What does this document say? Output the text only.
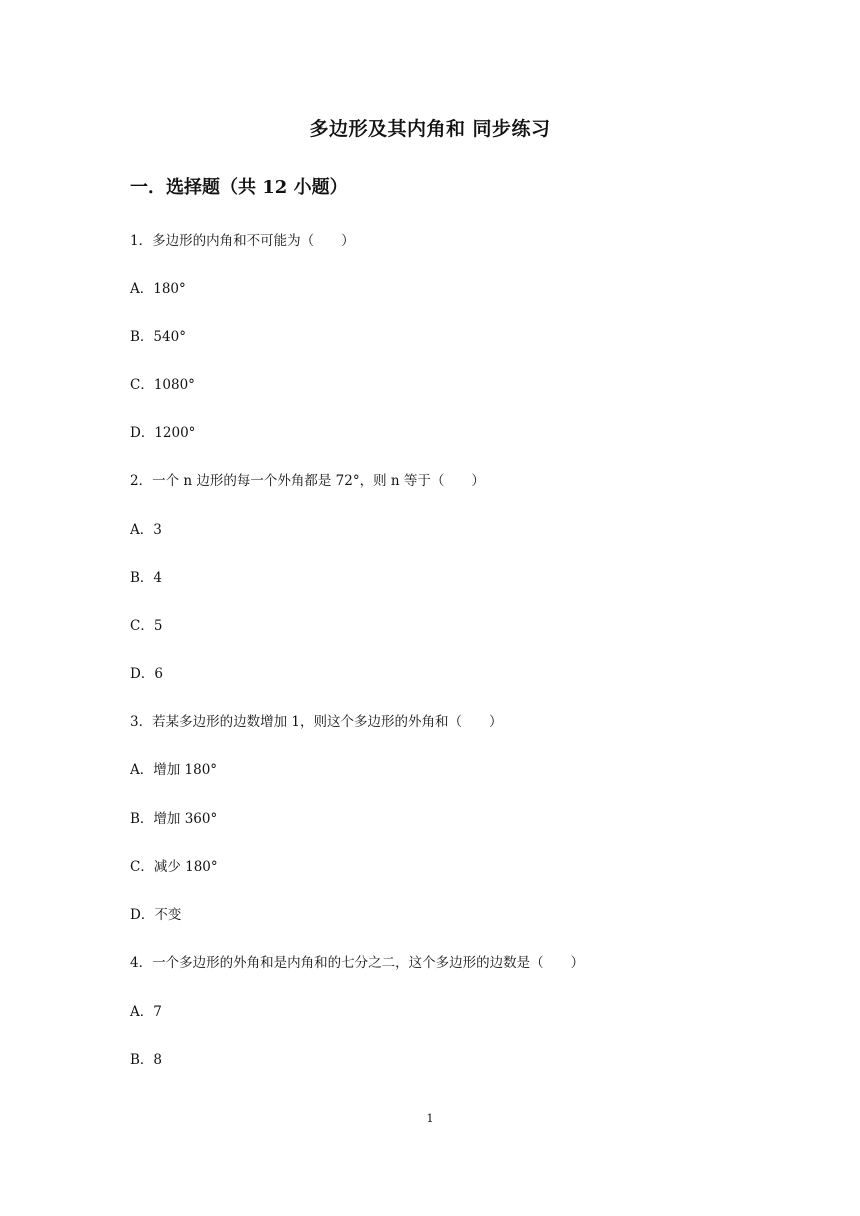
多边形及其内角和 同步练习
一．选择题（共 12 小题）
1．多边形的内角和不可能为（　　）
A．180°
B．540°
C．1080°
D．1200°
2．一个 n 边形的每一个外角都是 72°，则 n 等于（　　）
A．3
B．4
C．5
D．6
3．若某多边形的边数增加 1，则这个多边形的外角和（　　）
A．增加 180°
B．增加 360°
C．减少 180°
D．不变
4．一个多边形的外角和是内角和的七分之二，这个多边形的边数是（　　）
A．7
B．8
1
